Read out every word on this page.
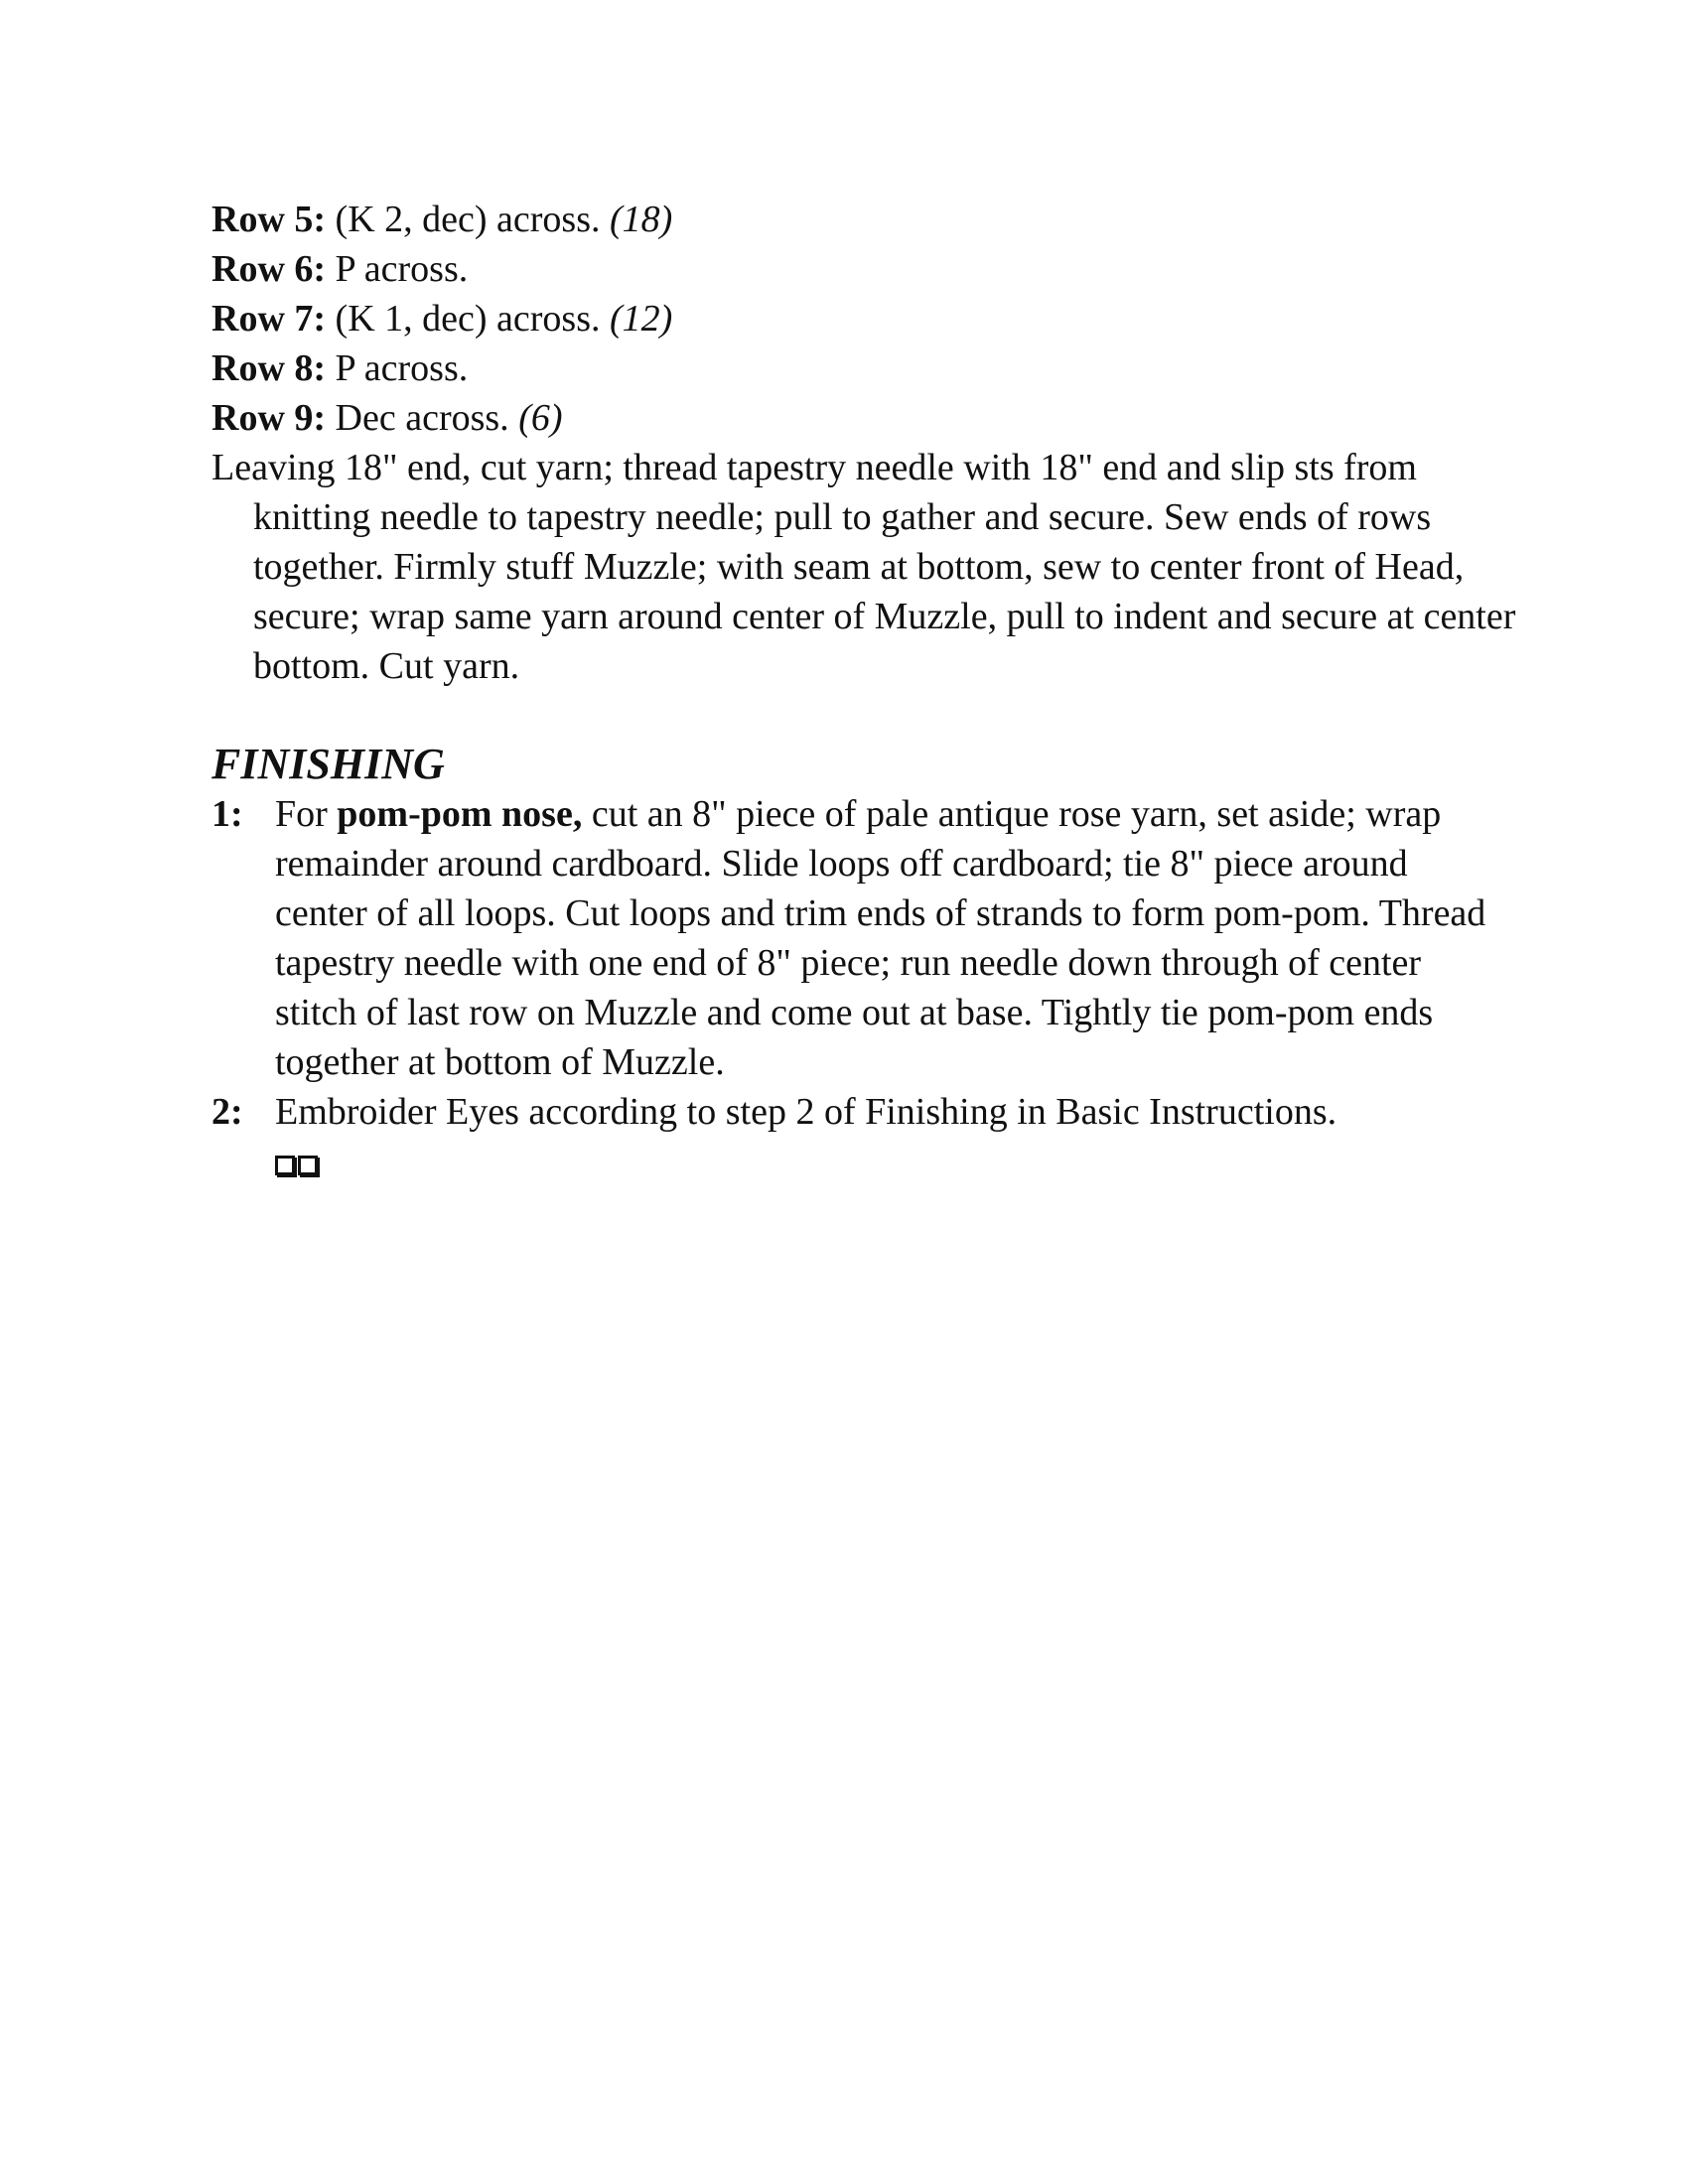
Row 5: (K 2, dec) across. (18)
Row 6: P across.
Row 7: (K 1, dec) across. (12)
Row 8: P across.
Row 9: Dec across. (6)
Leaving 18" end, cut yarn; thread tapestry needle with 18" end and slip sts from knitting needle to tapestry needle; pull to gather and secure. Sew ends of rows together. Firmly stuff Muzzle; with seam at bottom, sew to center front of Head, secure; wrap same yarn around center of Muzzle, pull to indent and secure at center bottom. Cut yarn.
FINISHING
1: For pom-pom nose, cut an 8" piece of pale antique rose yarn, set aside; wrap remainder around cardboard. Slide loops off cardboard; tie 8" piece around center of all loops. Cut loops and trim ends of strands to form pom-pom. Thread tapestry needle with one end of 8" piece; run needle down through of center stitch of last row on Muzzle and come out at base. Tightly tie pom-pom ends together at bottom of Muzzle.
2: Embroider Eyes according to step 2 of Finishing in Basic Instructions.
